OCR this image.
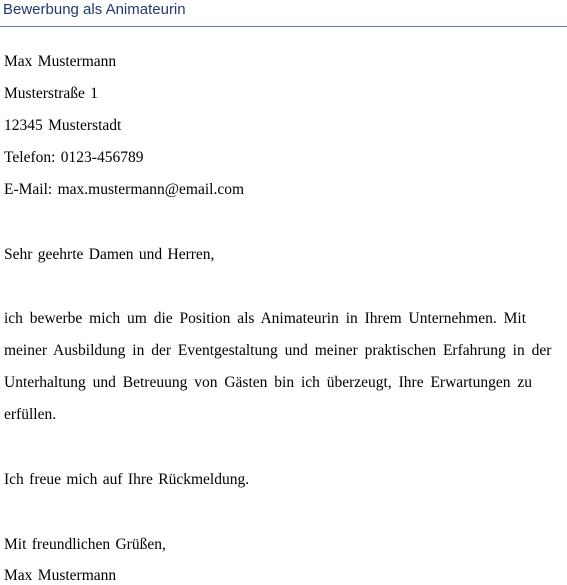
Bewerbung als Animateurin
Max Mustermann
Musterstraße 1
12345 Musterstadt
Telefon: 0123-456789
E-Mail: max.mustermann@email.com
Sehr geehrte Damen und Herren,
ich bewerbe mich um die Position als Animateurin in Ihrem Unternehmen. Mit
meiner Ausbildung in der Eventgestaltung und meiner praktischen Erfahrung in der
Unterhaltung und Betreuung von Gästen bin ich überzeugt, Ihre Erwartungen zu
erfüllen.
Ich freue mich auf Ihre Rückmeldung.
Mit freundlichen Grüßen,
Max Mustermann
